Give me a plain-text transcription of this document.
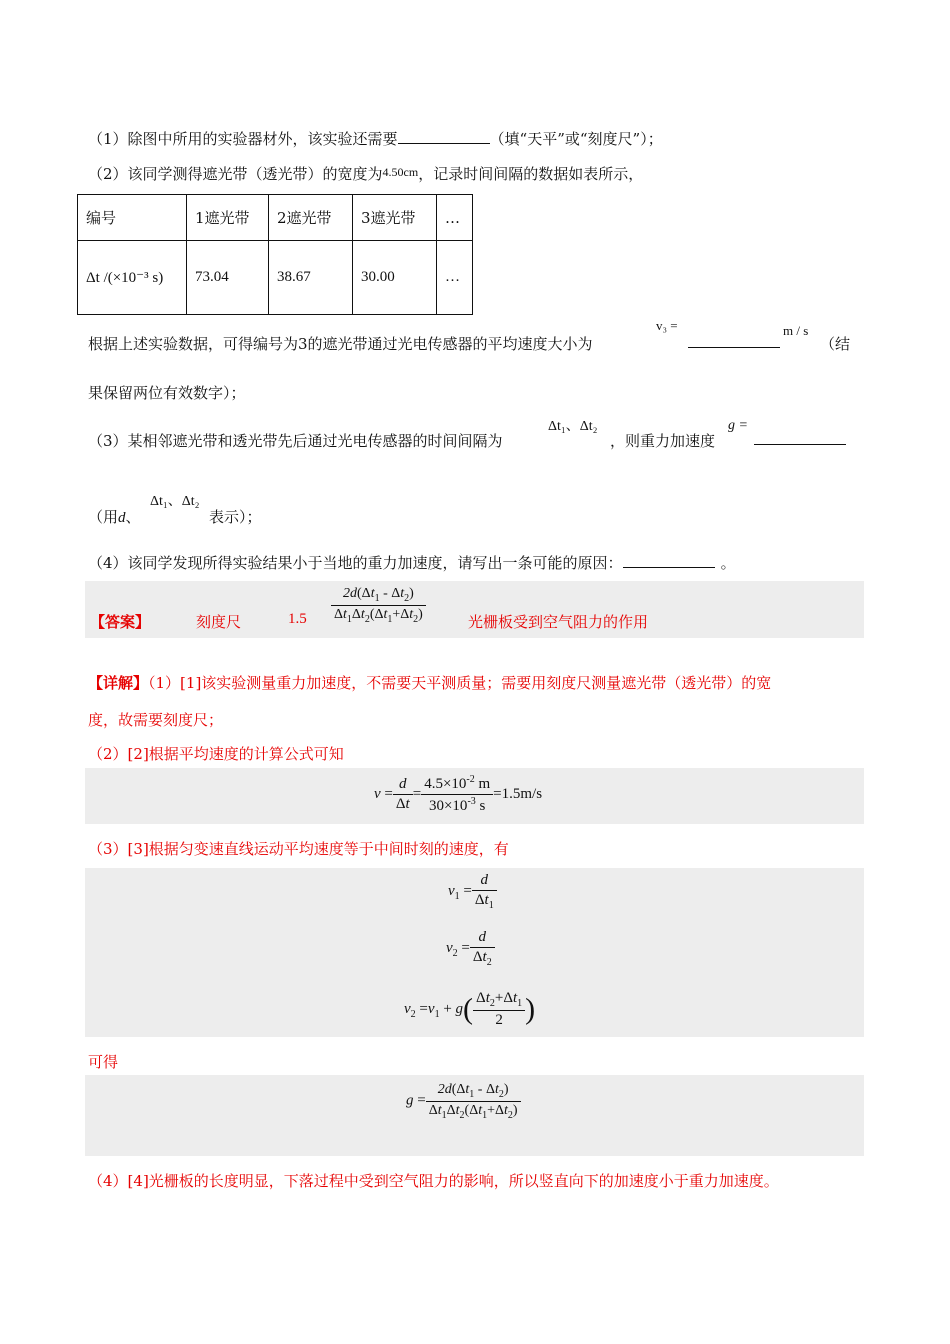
（1）除图中所用的实验器材外，该实验还需要	（填“天平”或“刻度尺”）；
（2）该同学测得遮光带（透光带）的宽度为$^{4.50cm}$，记录时间间隔的数据如表所示，
编号	1遮光带	2遮光带	3遮光带	…
Δt /(×10⁻³ s)	73.04	38.67	30.00	…
根据上述实验数据，可得编号为3的遮光带通过光电传感器的平均速度大小为
v₃ =	m / s
（结
果保留两位有效数字）；
（3）某相邻遮光带和透光带先后通过光电传感器的时间间隔为
Δt₁、Δt₂
，则重力加速度
g =
（用d、
Δt₁、Δt₂
表示）；
（4）该同学发现所得实验结果小于当地的重力加速度，请写出一条可能的原因：	。
【答案】	刻度尺	$1.5 \frac{2d(\Delta t_1 - \Delta t_2)}{\Delta t_1\Delta t_2(\Delta t_1+\Delta t_2)}$	光栅板受到空气阻力的作用
【详解】（1）[1]该实验测量重力加速度，不需要天平测质量；需要用刻度尺测量遮光带（透光带）的宽
度，故需要刻度尺；
（2）[2]根据平均速度的计算公式可知
$v = \frac{d}{\Delta t} = \frac{4.5\times 10^{-2} m}{30\times 10^{-3} s} =1.5m/s$
（3）[3]根据匀变速直线运动平均速度等于中间时刻的速度，有
$v_1 = \frac{d}{\Delta t_1}$
$v_2 = \frac{d}{\Delta t_2}$
$v_2 =v_1 + g( \frac{\Delta t_2+\Delta t_1}{2}$ )
可得
$g = \frac{2d(\Delta t_1 - \Delta t_2)}{\Delta t_1\Delta t_2(\Delta t_1+\Delta t_2)}$
（4）[4]光栅板的长度明显，下落过程中受到空气阻力的影响，所以竖直向下的加速度小于重力加速度。
